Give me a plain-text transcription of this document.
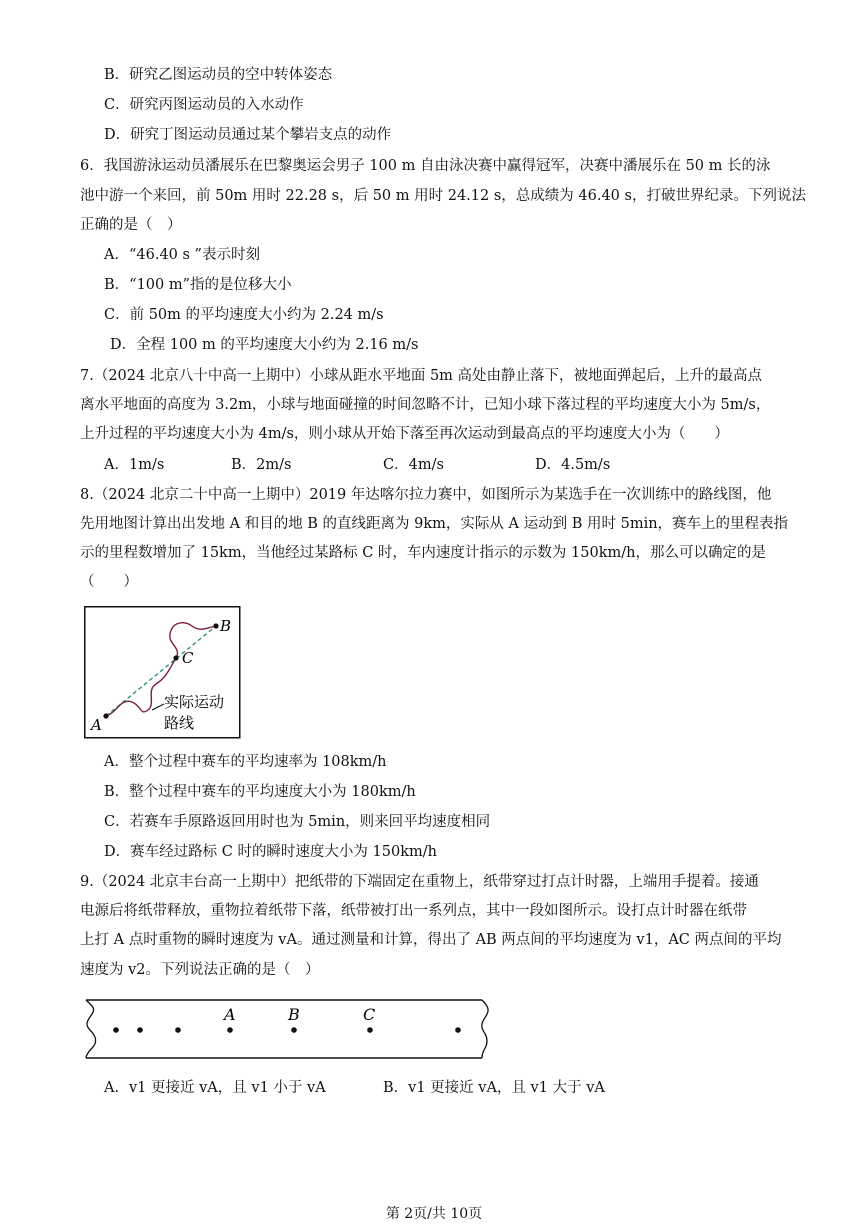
B．研究乙图运动员的空中转体姿态
C．研究丙图运动员的入水动作
D．研究丁图运动员通过某个攀岩支点的动作
6．我国游泳运动员潘展乐在巴黎奥运会男子 100 m 自由泳决赛中赢得冠军，决赛中潘展乐在 50 m 长的泳
池中游一个来回，前 50m 用时 22.28 s，后 50 m 用时 24.12 s，总成绩为 46.40 s，打破世界纪录。下列说法
正确的是（　）
A．“46.40 s ”表示时刻
B．“100 m”指的是位移大小
C．前 50m 的平均速度大小约为 2.24 m/s
D．全程 100 m 的平均速度大小约为 2.16 m/s
7.（2024 北京八十中高一上期中）小球从距水平地面 5m 高处由静止落下，被地面弹起后，上升的最高点
离水平地面的高度为 3.2m，小球与地面碰撞的时间忽略不计，已知小球下落过程的平均速度大小为 5m/s，
上升过程的平均速度大小为 4m/s，则小球从开始下落至再次运动到最高点的平均速度大小为（　　）
A．1m/s	B．2m/s	C．4m/s	D．4.5m/s
8.（2024 北京二十中高一上期中）2019 年达喀尔拉力赛中，如图所示为某选手在一次训练中的路线图，他
先用地图计算出出发地 A 和目的地 B 的直线距离为 9km，实际从 A 运动到 B 用时 5min，赛车上的里程表指
示的里程数增加了 15km，当他经过某路标 C 时，车内速度计指示的示数为 150km/h，那么可以确定的是
（　　）
A
B
C
实际运动
路线
A．整个过程中赛车的平均速率为 108km/h
B．整个过程中赛车的平均速度大小为 180km/h
C．若赛车手原路返回用时也为 5min，则来回平均速度相同
D．赛车经过路标 C 时的瞬时速度大小为 150km/h
9.（2024 北京丰台高一上期中）把纸带的下端固定在重物上，纸带穿过打点计时器，上端用手提着。接通
电源后将纸带释放，重物拉着纸带下落，纸带被打出一系列点，其中一段如图所示。设打点计时器在纸带
上打 A 点时重物的瞬时速度为 vA。通过测量和计算，得出了 AB 两点间的平均速度为 v1，AC 两点间的平均
速度为 v2。下列说法正确的是（　）
A	B	C
A．v1 更接近 vA，且 v1 小于 vA	B．v1 更接近 vA，且 v1 大于 vA
第 2页/共 10页
